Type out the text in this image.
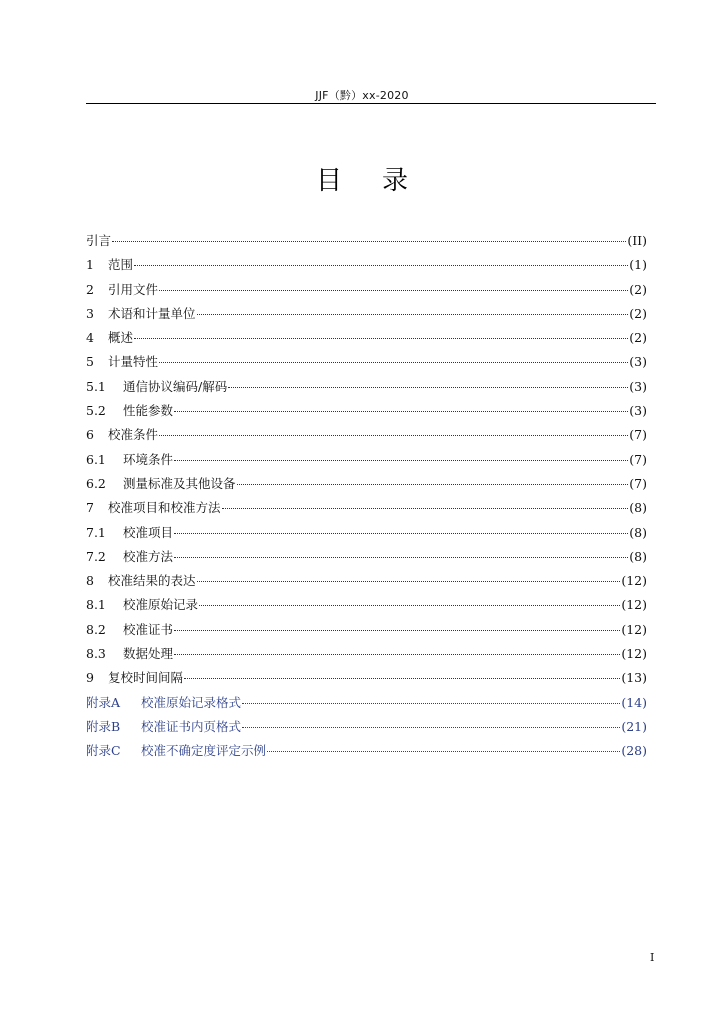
JJF（黔）xx-2020
目录
引言	(II)
1	范围	(1)
2	引用文件	(2)
3	术语和计量单位	(2)
4	概述	(2)
5	计量特性	(3)
5.1	通信协议编码/解码	(3)
5.2	性能参数	(3)
6	校准条件	(7)
6.1	环境条件	(7)
6.2	测量标准及其他设备	(7)
7	校准项目和校准方法	(8)
7.1	校准项目	(8)
7.2	校准方法	(8)
8	校准结果的表达	(12)
8.1	校准原始记录	(12)
8.2	校准证书	(12)
8.3	数据处理	(12)
9	复校时间间隔	(13)
附录A	校准原始记录格式	(14)
附录B	校准证书内页格式	(21)
附录C	校准不确定度评定示例	(28)
I
